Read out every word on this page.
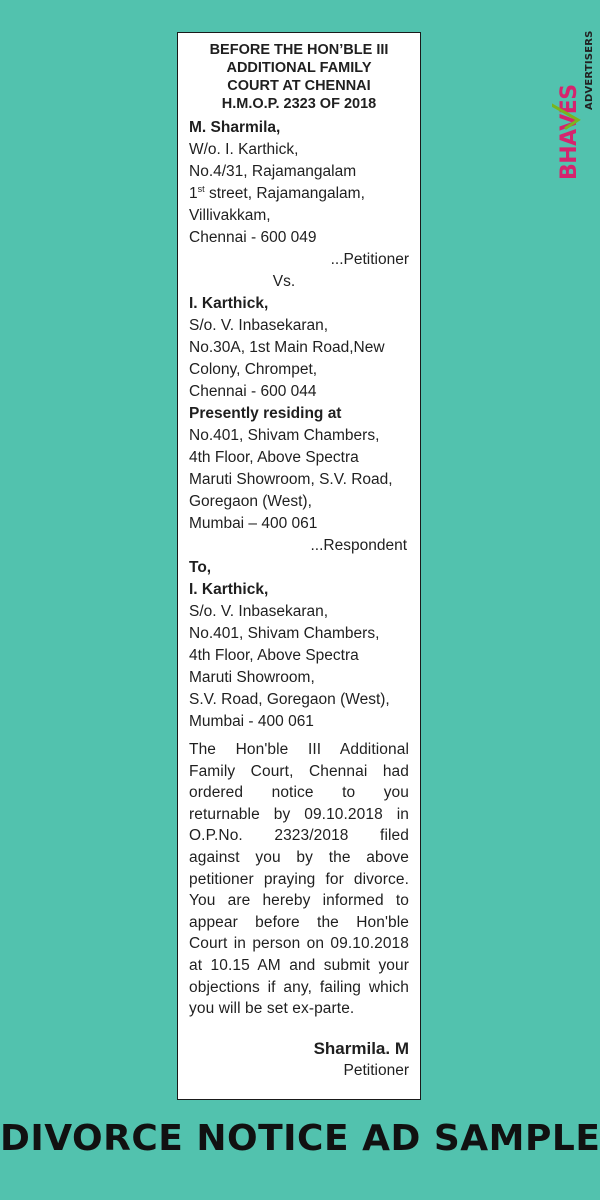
BEFORE THE HON’BLE III
ADDITIONAL FAMILY
COURT AT CHENNAI
H.M.O.P. 2323 OF 2018
M. Sharmila,
W/o. I. Karthick,
No.4/31, Rajamangalam
1st street, Rajamangalam,
Villivakkam,
Chennai - 600 049
...Petitioner
Vs.
I. Karthick,
S/o. V. Inbasekaran,
No.30A, 1st Main Road,New
Colony, Chrompet,
Chennai - 600 044
Presently residing at
No.401, Shivam Chambers,
4th Floor, Above Spectra
Maruti Showroom, S.V. Road,
Goregaon (West),
Mumbai – 400 061
...Respondent
To,
I. Karthick,
S/o. V. Inbasekaran,
No.401, Shivam Chambers,
4th Floor, Above Spectra
Maruti Showroom,
S.V. Road, Goregaon (West),
Mumbai - 400 061
The Hon'ble III Additional Family Court, Chennai had ordered notice to you returnable by 09.10.2018 in O.P.No. 2323/2018 filed against you by the above petitioner praying for divorce. You are hereby informed to appear before the Hon'ble Court in person on 09.10.2018 at 10.15 AM and submit your objections if any, failing which you will be set ex-parte.
Sharmila. M
Petitioner
BHAVES
ADVERTISERS
DIVORCE NOTICE AD SAMPLE
